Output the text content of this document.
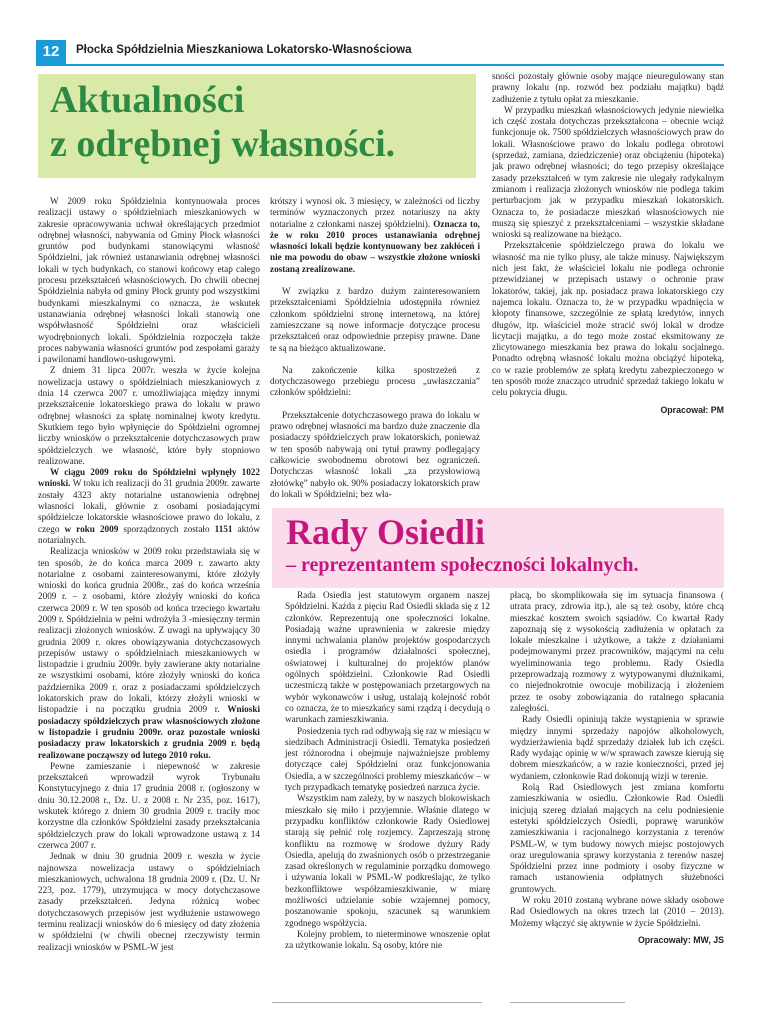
12	Płocka Spółdzielnia Mieszkaniowa Lokatorsko-Własnościowa
Aktualności
z odrębnej własności.

W 2009 roku Spółdzielnia kontynuowała proces realizacji ustawy o spółdzielniach mieszkaniowych w zakresie opracowywania uchwał określających przedmiot odrębnej własności, nabywania od Gminy Płock własności gruntów pod budynkami stanowiącymi własność Spółdzielni, jak również ustanawiania odrębnej własności lokali w tych budynkach, co stanowi końcowy etap całego procesu przekształceń własnościowych. Do chwili obecnej Spółdzielnia nabyła od gminy Płock grunty pod wszystkimi budynkami mieszkalnymi co oznacza, że wskutek ustanawiania odrębnej własności lokali stanowią one współwłasność Spółdzielni oraz właścicieli wyodrębnionych lokali. Spółdzielnia rozpoczęła także proces nabywania własności gruntów pod zespołami garaży i pawilonami handlowo-usługowymi.

Z dniem 31 lipca 2007r. weszła w życie kolejna nowelizacja ustawy o spółdzielniach mieszkaniowych z dnia 14 czerwca 2007 r. umożliwiająca między innymi przekształcenie lokatorskiego prawa do lokalu w prawo odrębnej własności za spłatę nominalnej kwoty kredytu. Skutkiem tego było wpłynięcie do Spółdzielni ogromnej liczby wniosków o przekształcenie dotychczasowych praw spółdzielczych we własność, które były stopniowo realizowane.

W ciągu 2009 roku do Spółdzielni wpłynęły 1022 wnioski. W toku ich realizacji do 31 grudnia 2009r. zawarte zostały 4323 akty notarialne ustanowienia odrębnej własności lokali, głównie z osobami posiadającymi spółdzielcze lokatorskie własnościowe prawo do lokalu, z czego w roku 2009 sporządzonych zostało 1151 aktów notarialnych.

Realizacja wniosków w 2009 roku przedstawiała się w ten sposób, że do końca marca 2009 r. zawarto akty notarialne z osobami zainteresowanymi, które złożyły wnioski do końca grudnia 2008r., zaś do końca września 2009 r. – z osobami, które złożyły wnioski do końca czerwca 2009 r. W ten sposób od końca trzeciego kwartału 2009 r. Spółdzielnia w pełni wdrożyła 3 -miesięczny termin realizacji złożonych wniosków. Z uwagi na upływający 30 grudnia 2009 r. okres obowiązywania dotychczasowych przepisów ustawy o spółdzielniach mieszkaniowych w listopadzie i grudniu 2009r. były zawierane akty notarialne ze wszystkimi osobami, które złożyły wnioski do końca października 2009 r. oraz z posiadaczami spółdzielczych lokatorskich praw do lokali, którzy złożyli wnioski w listopadzie i na początku grudnia 2009 r. Wnioski posiadaczy spółdzielczych praw własnościowych złożone w listopadzie i grudniu 2009r. oraz pozostałe wnioski posiadaczy praw lokatorskich z grudnia 2009 r. będą realizowane począwszy od lutego 2010 roku.

Pewne zamieszanie i niepewność w zakresie przekształceń wprowadził wyrok Trybunału Konstytucyjnego z dnia 17 grudnia 2008 r. (ogłoszony w dniu 30.12.2008 r., Dz. U. z 2008 r. Nr 235, poz. 1617), wskutek którego z dniem 30 grudnia 2009 r. traciły moc korzystne dla członków Spółdzielni zasady przekształcania spółdzielczych praw do lokali wprowadzone ustawą z 14 czerwca 2007 r.

Jednak w dniu 30 grudnia 2009 r. weszła w życie najnowsza nowelizacja ustawy o spółdzielniach mieszkaniowych, uchwalona 18 grudnia 2009 r. (Dz. U. Nr 223, poz. 1779), utrzymująca w mocy dotychczasowe zasady przekształceń. Jedyna różnicą wobec dotychczasowych przepisów jest wydłużenie ustawowego terminu realizacji wniosków do 6 miesięcy od daty złożenia w spółdzielni (w chwili obecnej rzeczywisty termin realizacji wniosków w PSML-W jest

krótszy i wynosi ok. 3 miesięcy, w zależności od liczby terminów wyznaczonych przez notariuszy na akty notarialne z członkami naszej spółdzielni). Oznacza to, że w roku 2010 proces ustanawiania odrębnej własności lokali będzie kontynuowany bez zakłóceń i nie ma powodu do obaw – wszystkie złożone wnioski zostaną zrealizowane.

W związku z bardzo dużym zainteresowaniem przekształceniami Spółdzielnia udostępniła również członkom spółdzielni stronę internetową, na której zamieszczane są nowe informacje dotyczące procesu przekształceń oraz odpowiednie przepisy prawne. Dane te są na bieżąco aktualizowane.

Na zakończenie kilka spostrzeżeń z dotychczasowego przebiegu procesu „uwłaszczania” członków spółdzielni:

Przekształcenie dotychczasowego prawa do lokalu w prawo odrębnej własności ma bardzo duże znaczenie dla posiadaczy spółdzielczych praw lokatorskich, ponieważ w ten sposób nabywają oni tytuł prawny podlegający całkowicie swobodnemu obrotowi bez ograniczeń. Dotychczas własność lokali „za przysłowiową złotówkę” nabyło ok. 90% posiadaczy lokatorskich praw do lokali w Spółdzielni; bez wła-

sności pozostały głównie osoby mające nieuregulowany stan prawny lokalu (np. rozwód bez podziału majątku) bądź zadłużenie z tytułu opłat za mieszkanie.

W przypadku mieszkań własnościowych jedynie niewielka ich część została dotychczas przekształcona – obecnie wciąż funkcjonuje ok. 7500 spółdzielczych własnościowych praw do lokali. Własnościowe prawo do lokalu podlega obrotowi (sprzedaż, zamiana, dziedziczenie) oraz obciążeniu (hipoteka) jak prawo odrębnej własności; do tego przepisy określające zasady przekształceń w tym zakresie nie ulegały radykalnym zmianom i realizacja złożonych wniosków nie podlega takim perturbacjom jak w przypadku mieszkań lokatorskich. Oznacza to, że posiadacze mieszkań własnościowych nie muszą się spieszyć z przekształceniami – wszystkie składane wnioski są realizowane na bieżąco.

Przekształcenie spółdzielczego prawa do lokalu we własność ma nie tylko plusy, ale także minusy. Największym nich jest fakt, że właściciel lokalu nie podlega ochronie przewidzianej w przepisach ustawy o ochronie praw lokatorów, takiej, jak np. posiadacz prawa lokatorskiego czy najemca lokalu. Oznacza to, że w przypadku wpadnięcia w kłopoty finansowe, szczególnie ze spłatą kredytów, innych długów, itp. właściciel może stracić swój lokal w drodze licytacji majątku, a do tego może zostać eksmitowany ze zlicytowanego mieszkania bez prawa do lokalu socjalnego. Ponadto odrębną własność lokalu można obciążyć hipoteką, co w razie problemów ze spłatą kredytu zabezpieczonego w ten sposób może znacząco utrudnić sprzedaż takiego lokalu w celu pokrycia długu.

Opracował: PM

Rady Osiedli
– reprezentantem społeczności lokalnych.

Rada Osiedla jest statutowym organem naszej Spółdzielni. Każda z pięciu Rad Osiedli składa się z 12 członków. Reprezentują one społeczności lokalne. Posiadają ważne uprawnienia w zakresie między innymi uchwalania planów projektów gospodarczych osiedla i programów działalności społecznej, oświatowej i kulturalnej do projektów planów ogólnych spółdzielni. Członkowie Rad Osiedli uczestniczą także w postępowaniach przetargowych na wybór wykonawców i usług, ustalają kolejność robót co oznacza, że to mieszkańcy sami rządzą i decydują o warunkach zamieszkiwania.

Posiedzenia tych rad odbywają się raz w miesiącu w siedzibach Administracji Osiedli. Tematyka posiedzeń jest różnorodna i obejmuje najważniejsze problemy dotyczące całej Spółdzielni oraz funkcjonowania Osiedla, a w szczególności problemy mieszkańców – w tych przypadkach tematykę posiedzeń narzuca życie.

Wszystkim nam zależy, by w naszych blokowiskach mieszkało się miło i przyjemnie. Właśnie dlatego w przypadku konfliktów członkowie Rady Osiedlowej starają się pełnić rolę rozjemcy. Zaprzeszają stronę konfliktu na rozmowę w środowe dyżury Rady Osiedla, apelują do zwaśnionych osób o przestrzeganie zasad określonych w regulaminie porządku domowego i używania lokali w PSML-W podkreślając, że tylko bezkonfliktowe współzamieszkiwanie, w miarę możliwości udzielanie sobie wzajemnej pomocy, poszanowanie spokoju, szacunek są warunkiem zgodnego współżycia.

Kolejny problem, to nieterminowe wnoszenie opłat za użytkowanie lokalu. Są osoby, które nie

płacą, bo skomplikowała się im sytuacja finansowa ( utrata pracy, zdrowia itp.), ale są też osoby, które chcą mieszkać kosztem swoich sąsiadów. Co kwartał Rady zapoznają się z wysokością zadłużenia w opłatach za lokale mieszkalne i użytkowe, a także z działaniami podejmowanymi przez pracowników, mającymi na celu wyeliminowania tego problemu. Rady Osiedla przeprowadzają rozmowy z wytypowanymi dłużnikami, co niejednokrotnie owocuje mobilizacją i złożeniem przez te osoby zobowiązania do ratalnego spłacania zaległości.

Rady Osiedli opiniują także wystąpienia w sprawie między innymi sprzedaży napojów alkoholowych, wydzierżawienia bądź sprzedaży działek lub ich części. Rady wydając opinię w w/w sprawach zawsze kierują się dobrem mieszkańców, a w razie konieczności, przed jej wydaniem, członkowie Rad dokonują wizji w terenie.

Rolą Rad Osiedlowych jest zmiana komfortu zamieszkiwania w osiedlu. Członkowie Rad Osiedli inicjują szereg działań mających na celu podniesienie estetyki spółdzielczych Osiedli, poprawę warunków zamieszkiwania i racjonalnego korzystania z terenów PSML-W, w tym budowy nowych miejsc postojowych oraz uregulowania sprawy korzystania z terenów naszej Spółdzielni przez inne podmioty i osoby fizyczne w ramach ustanowienia odpłatnych służebności gruntowych.

W roku 2010 zostaną wybrane nowe składy osobowe Rad Osiedlowych na okres trzech lat (2010 – 2013). Możemy włączyć się aktywnie w życie Spółdzielni.

Opracowały: MW, JS
